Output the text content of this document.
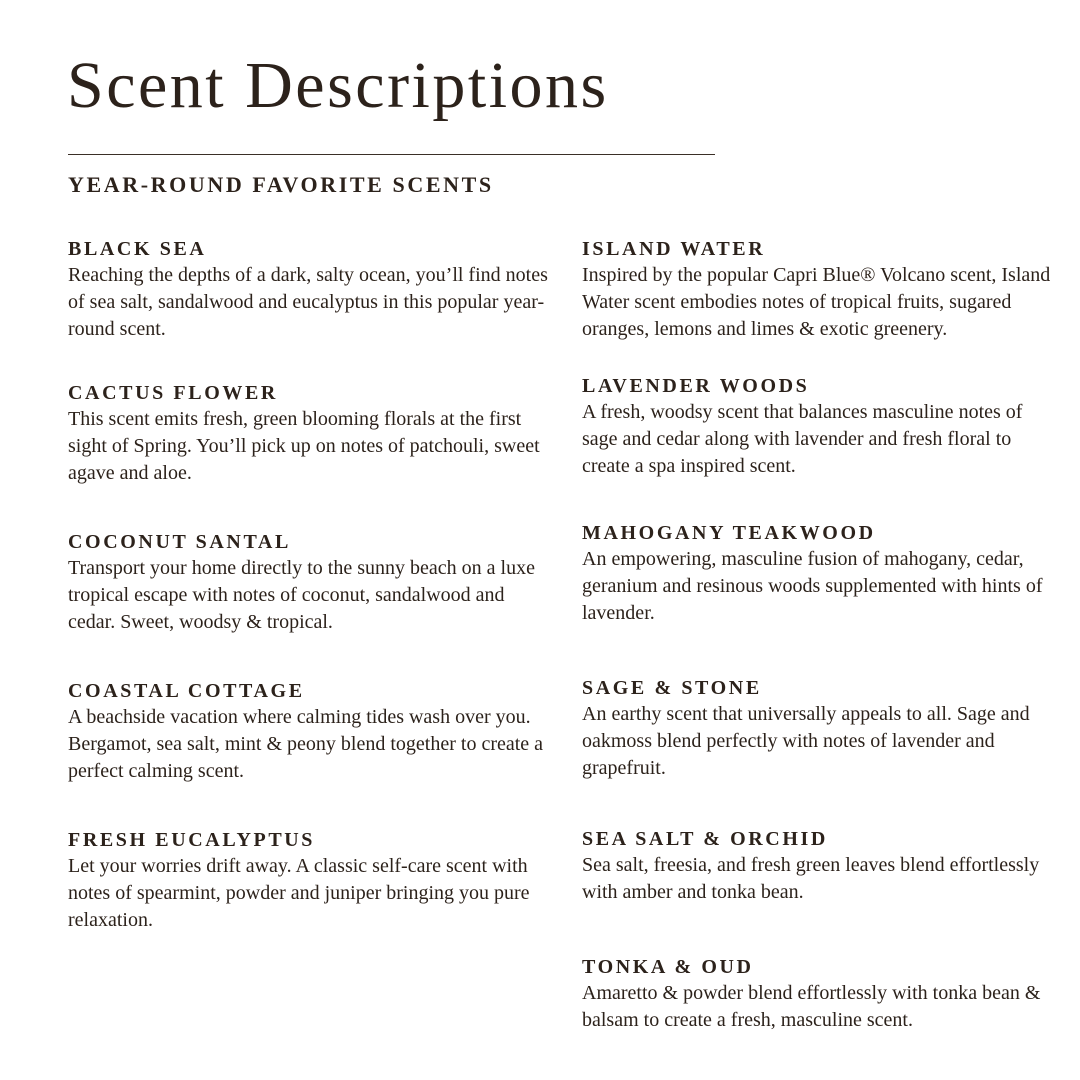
Scent Descriptions
YEAR-ROUND FAVORITE SCENTS

BLACK SEA

Reaching the depths of a dark, salty ocean, you’ll find notes of sea salt, sandalwood and eucalyptus in this popular year-round scent.

CACTUS FLOWER

This scent emits fresh, green blooming florals at the first sight of Spring. You’ll pick up on notes of patchouli, sweet agave and aloe.

COCONUT SANTAL

Transport your home directly to the sunny beach on a luxe tropical escape with notes of coconut, sandalwood and cedar. Sweet, woodsy & tropical.

COASTAL COTTAGE

A beachside vacation where calming tides wash over you. Bergamot, sea salt, mint & peony blend together to create a perfect calming scent.

FRESH EUCALYPTUS

Let your worries drift away. A classic self-care scent with notes of spearmint, powder and juniper bringing you pure relaxation.

ISLAND WATER

Inspired by the popular Capri Blue® Volcano scent, Island Water scent embodies notes of tropical fruits, sugared oranges, lemons and limes & exotic greenery.

LAVENDER WOODS

A fresh, woodsy scent that balances masculine notes of sage and cedar along with lavender and fresh floral to create a spa inspired scent.

MAHOGANY TEAKWOOD

An empowering, masculine fusion of mahogany, cedar, geranium and resinous woods supplemented with hints of lavender.

SAGE & STONE

An earthy scent that universally appeals to all. Sage and oakmoss blend perfectly with notes of lavender and grapefruit.

SEA SALT & ORCHID

Sea salt, freesia, and fresh green leaves blend effortlessly with amber and tonka bean.

TONKA & OUD

Amaretto & powder blend effortlessly with tonka bean & balsam to create a fresh, masculine scent.
